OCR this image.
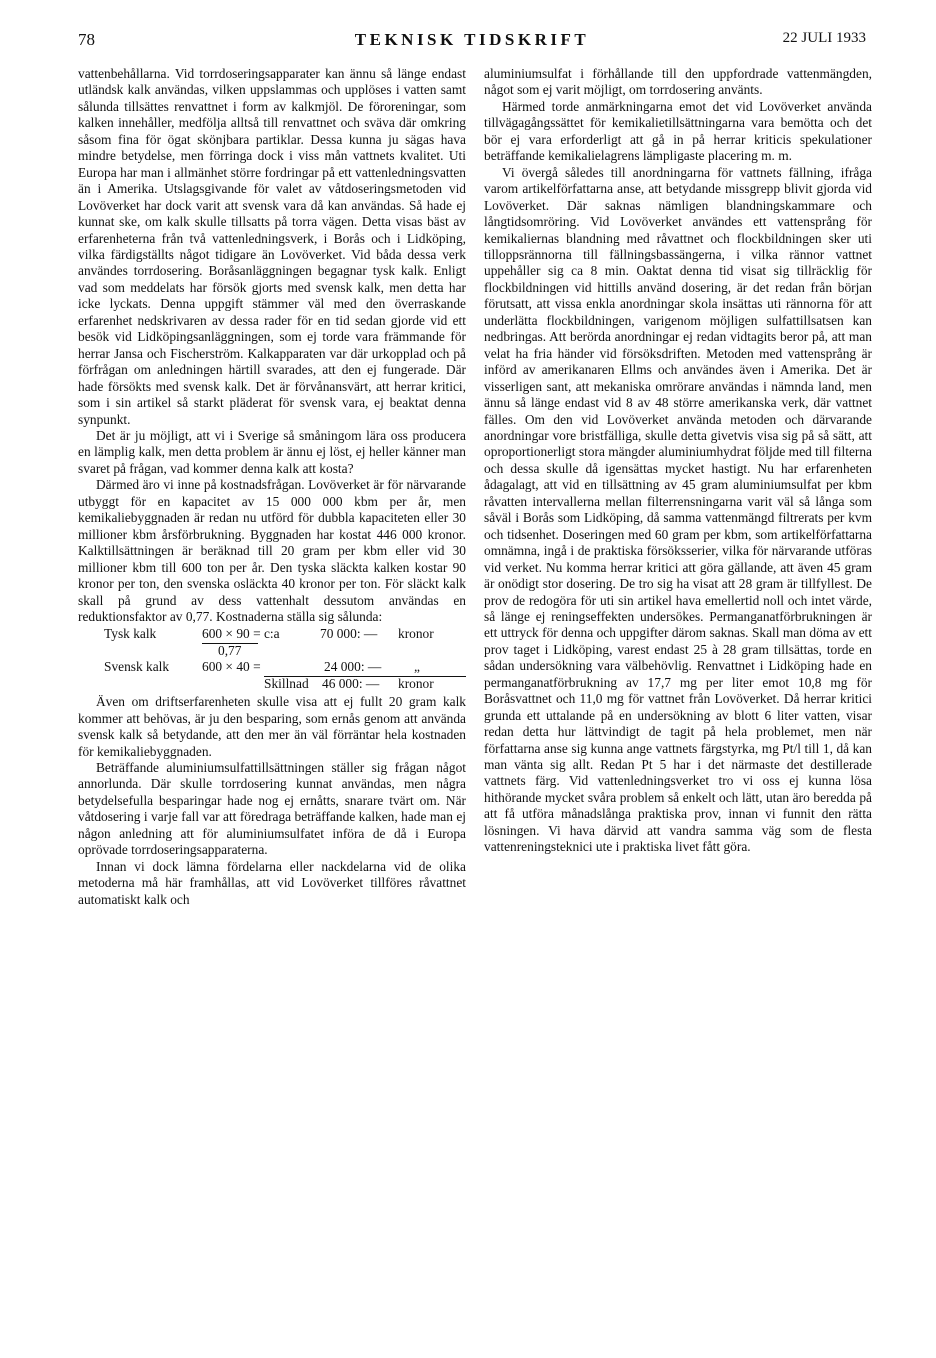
78	TEKNISK TIDSKRIFT	22 JULI 1933

vattenbehållarna. Vid torrdoseringsapparater kan ännu så länge endast utländsk kalk användas, vilken uppslammas och upplöses i vatten samt sålunda tillsättes renvattnet i form av kalkmjöl. De föroreningar, som kalken innehåller, medfölja alltså till renvattnet och sväva där omkring såsom fina för ögat skönjbara partiklar. Dessa kunna ju sägas hava mindre betydelse, men förringa dock i viss mån vattnets kvalitet. Uti Europa har man i allmänhet större fordringar på ett vattenledningsvatten än i Amerika. Utslagsgivande för valet av våtdoseringsmetoden vid Lovöverket har dock varit att svensk vara då kan användas. Så hade ej kunnat ske, om kalk skulle tillsatts på torra vägen. Detta visas bäst av erfarenheterna från två vattenledningsverk, i Borås och i Lidköping, vilka färdigställts något tidigare än Lovöverket. Vid båda dessa verk användes torrdosering. Boråsanläggningen begagnar tysk kalk. Enligt vad som meddelats har försök gjorts med svensk kalk, men detta har icke lyckats. Denna uppgift stämmer väl med den överraskande erfarenhet nedskrivaren av dessa rader för en tid sedan gjorde vid ett besök vid Lidköpingsanläggningen, som ej torde vara främmande för herrar Jansa och Fischerström. Kalkapparaten var där urkopplad och på förfrågan om anledningen härtill svarades, att den ej fungerade. Där hade försökts med svensk kalk. Det är förvånansvärt, att herrar kritici, som i sin artikel så starkt pläderat för svensk vara, ej beaktat denna synpunkt.

Det är ju möjligt, att vi i Sverige så småningom lära oss producera en lämplig kalk, men detta problem är ännu ej löst, ej heller känner man svaret på frågan, vad kommer denna kalk att kosta?

Därmed äro vi inne på kostnadsfrågan. Lovöverket är för närvarande utbyggt för en kapacitet av 15 000 000 kbm per år, men kemikaliebyggnaden är redan nu utförd för dubbla kapaciteten eller 30 millioner kbm årsförbrukning. Byggnaden har kostat 446 000 kronor. Kalktillsättningen är beräknad till 20 gram per kbm eller vid 30 millioner kbm till 600 ton per år. Den tyska släckta kalken kostar 90 kronor per ton, den svenska osläckta 40 kronor per ton. För släckt kalk skall på grund av dess vattenhalt dessutom användas en reduktionsfaktor av 0,77. Kostnaderna ställa sig sålunda:

Tysk kalk	600 × 90 = c:a	70 000: — kronor
0,77
Svensk kalk 600 × 40 =	24 000: — „
Skillnad 46 000: — kronor

Även om driftserfarenheten skulle visa att ej fullt 20 gram kalk kommer att behövas, är ju den besparing, som ernås genom att använda svensk kalk så betydande, att den mer än väl förräntar hela kostnaden för kemikaliebyggnaden.

Beträffande aluminiumsulfattillsättningen ställer sig frågan något annorlunda. Där skulle torrdosering kunnat användas, men några betydelsefulla besparingar hade nog ej ernåtts, snarare tvärt om. När våtdosering i varje fall var att föredraga beträffande kalken, hade man ej någon anledning att för aluminiumsulfatet införa de då i Europa oprövade torrdoseringsapparaterna.

Innan vi dock lämna fördelarna eller nackdelarna vid de olika metoderna må här framhållas, att vid Lovöverket tillföres råvattnet automatiskt kalk och

aluminiumsulfat i förhållande till den uppfordrade vattenmängden, något som ej varit möjligt, om torrdosering använts.

Härmed torde anmärkningarna emot det vid Lovöverket använda tillvägagångssättet för kemikalietillsättningarna vara bemötta och det bör ej vara erforderligt att gå in på herrar kriticis spekulationer beträffande kemikalielagrens lämpligaste placering m. m.

Vi övergå således till anordningarna för vattnets fällning, ifråga varom artikelförfattarna anse, att betydande missgrepp blivit gjorda vid Lovöverket. Där saknas nämligen blandningskammare och långtidsomröring. Vid Lovöverket användes ett vattensprång för kemikaliernas blandning med råvattnet och flockbildningen sker uti tilloppsrännorna till fällningsbassängerna, i vilka rännor vattnet uppehåller sig ca 8 min. Oaktat denna tid visat sig tillräcklig för flockbildningen vid hittills använd dosering, är det redan från början förutsatt, att vissa enkla anordningar skola insättas uti rännorna för att underlätta flockbildningen, varigenom möjligen sulfattillsatsen kan nedbringas. Att berörda anordningar ej redan vidtagits beror på, att man velat ha fria händer vid försöksdriften. Metoden med vattensprång är införd av amerikanaren Ellms och användes även i Amerika. Det är visserligen sant, att mekaniska omrörare användas i nämnda land, men ännu så länge endast vid 8 av 48 större amerikanska verk, där vattnet fälles. Om den vid Lovöverket använda metoden och därvarande anordningar vore bristfälliga, skulle detta givetvis visa sig på så sätt, att oproportionerligt stora mängder aluminiumhydrat följde med till filterna och dessa skulle då igensättas mycket hastigt. Nu har erfarenheten ådagalagt, att vid en tillsättning av 45 gram aluminiumsulfat per kbm råvatten intervallerna mellan filterrensningarna varit väl så långa som såväl i Borås som Lidköping, då samma vattenmängd filtrerats per kvm och tidsenhet. Doseringen med 60 gram per kbm, som artikelförfattarna omnämna, ingå i de praktiska försöksserier, vilka för närvarande utföras vid verket. Nu komma herrar kritici att göra gällande, att även 45 gram är onödigt stor dosering. De tro sig ha visat att 28 gram är tillfyllest. De prov de redogöra för uti sin artikel hava emellertid noll och intet värde, så länge ej reningseffekten undersökes. Permanganatförbrukningen är ett uttryck för denna och uppgifter därom saknas. Skall man döma av ett prov taget i Lidköping, varest endast 25 à 28 gram tillsättas, torde en sådan undersökning vara välbehövlig. Renvattnet i Lidköping hade en permanganatförbrukning av 17,7 mg per liter emot 10,8 mg för Boråsvattnet och 11,0 mg för vattnet från Lovöverket. Då herrar kritici grunda ett uttalande på en undersökning av blott 6 liter vatten, visar redan detta hur lättvindigt de tagit på hela problemet, men när författarna anse sig kunna ange vattnets färgstyrka, mg Pt/l till 1, då kan man vänta sig allt. Redan Pt 5 har i det närmaste det destillerade vattnets färg. Vid vattenledningsverket tro vi oss ej kunna lösa hithörande mycket svåra problem så enkelt och lätt, utan äro beredda på att få utföra månadslånga praktiska prov, innan vi funnit den rätta lösningen. Vi hava därvid att vandra samma väg som de flesta vattenreningsteknici ute i praktiska livet fått göra.
